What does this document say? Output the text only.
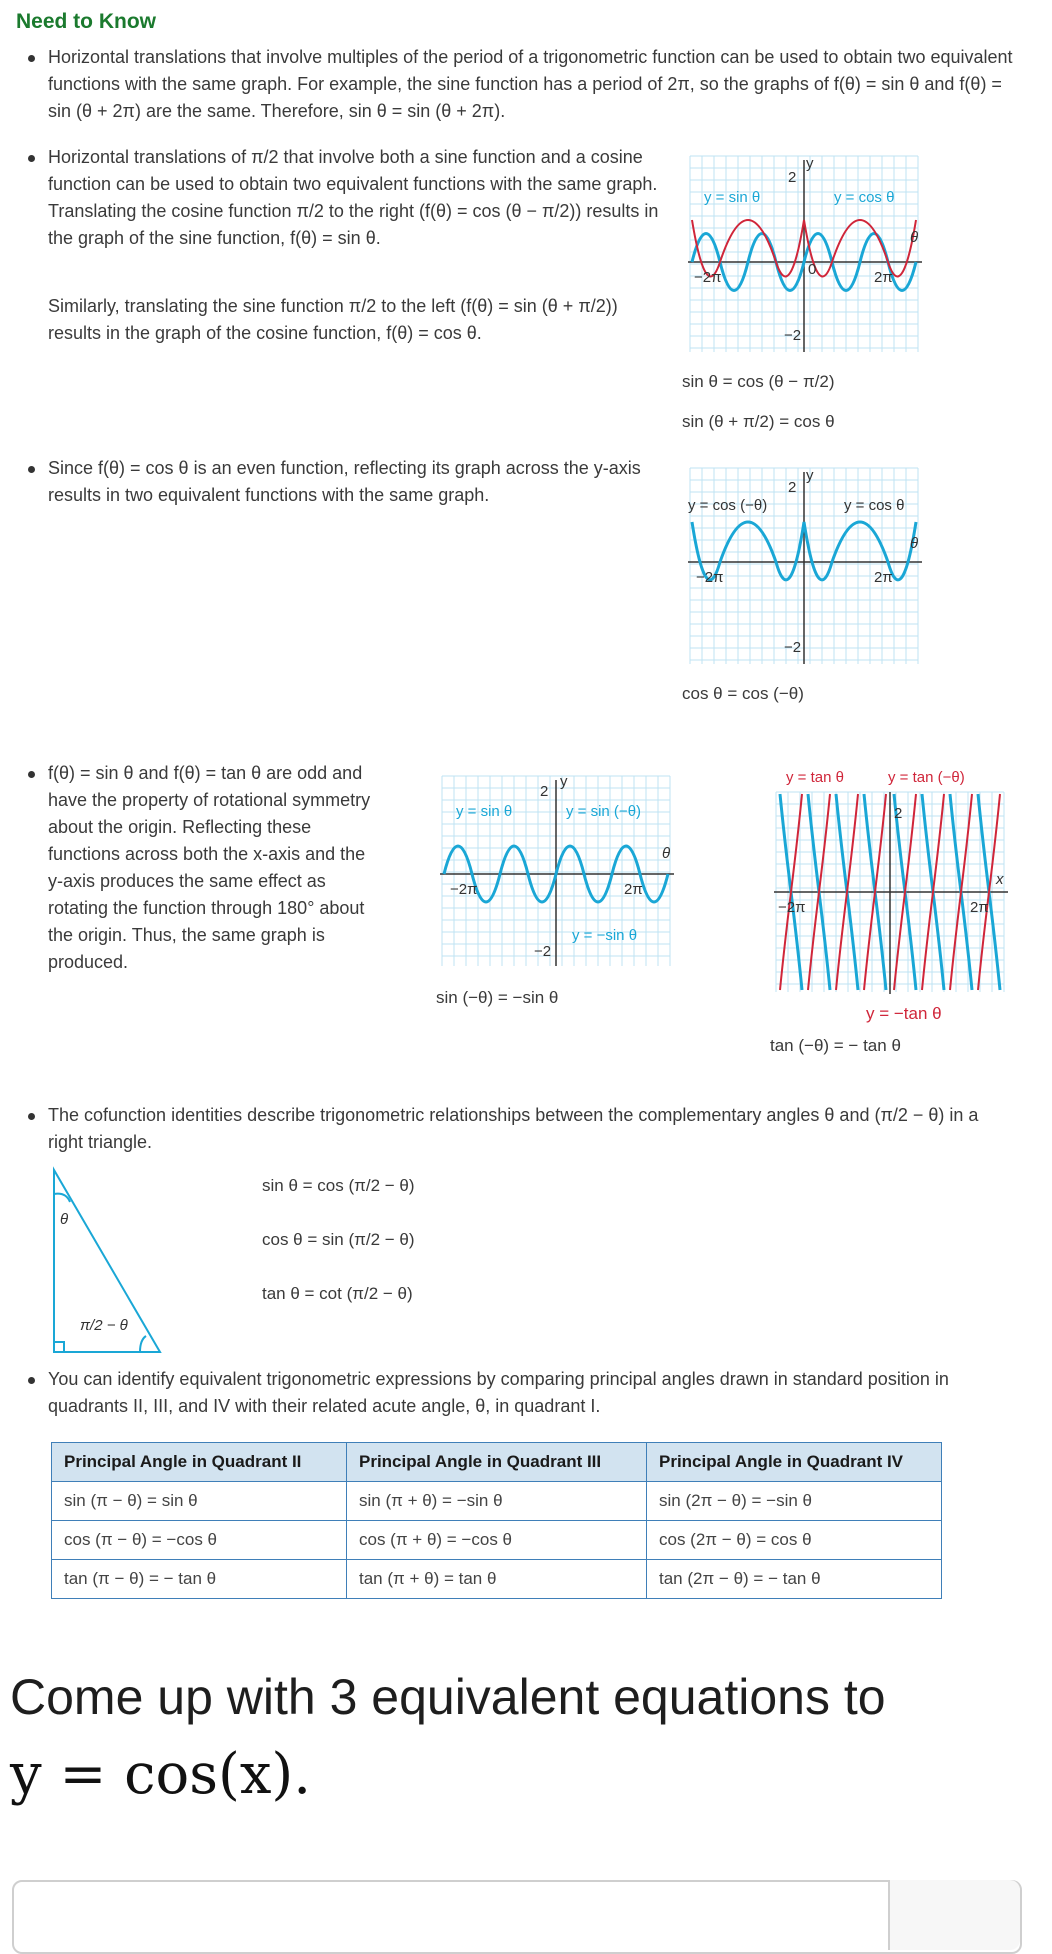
Need to Know
Horizontal translations that involve multiples of the period of a trigonometric function can be used to obtain two equivalent functions with the same graph. For example, the sine function has a period of 2π, so the graphs of f(θ) = sin θ and f(θ) = sin (θ + 2π) are the same. Therefore, sin θ = sin (θ + 2π).
Horizontal translations of π/2 that involve both a sine function and a cosine function can be used to obtain two equivalent functions with the same graph. Translating the cosine function π/2 to the right (f(θ) = cos (θ − π/2)) results in the graph of the sine function, f(θ) = sin θ.
Similarly, translating the sine function π/2 to the left (f(θ) = sin (θ + π/2)) results in the graph of the cosine function, f(θ) = cos θ.
y = sin θ	y = cos θ
2
y
−2π	2π
0
−2
θ
sin θ = cos (θ − π/2)
sin (θ + π/2) = cos θ
Since f(θ) = cos θ is an even function, reflecting its graph across the y-axis results in two equivalent functions with the same graph.
y = cos (−θ)	y = cos θ
2
y
−2π	2π
−2
θ
cos θ = cos (−θ)
f(θ) = sin θ and f(θ) = tan θ are odd and have the property of rotational symmetry about the origin. Reflecting these functions across both the x-axis and the y-axis produces the same effect as rotating the function through 180° about the origin. Thus, the same graph is produced.
y = sin θ	y = sin (−θ)
y = −sin θ
2
y
−2π	2π
−2
θ
sin (−θ) = −sin θ
y = tan θ	y = tan (−θ)
2
−2π	2π
x
y = −tan θ
tan (−θ) = − tan θ
The cofunction identities describe trigonometric relationships between the complementary angles θ and (π/2 − θ) in a right triangle.
θ
π/2 − θ
sin θ = cos (π/2 − θ)
cos θ = sin (π/2 − θ)
tan θ = cot (π/2 − θ)
You can identify equivalent trigonometric expressions by comparing principal angles drawn in standard position in quadrants II, III, and IV with their related acute angle, θ, in quadrant I.
Principal Angle in Quadrant II	Principal Angle in Quadrant III	Principal Angle in Quadrant IV
sin (π − θ) = sin θ	sin (π + θ) = −sin θ	sin (2π − θ) = −sin θ
cos (π − θ) = −cos θ	cos (π + θ) = −cos θ	cos (2π − θ) = cos θ
tan (π − θ) = − tan θ	tan (π + θ) = tan θ	tan (2π − θ) = − tan θ
Come up with 3 equivalent equations to
y = cos(x).
